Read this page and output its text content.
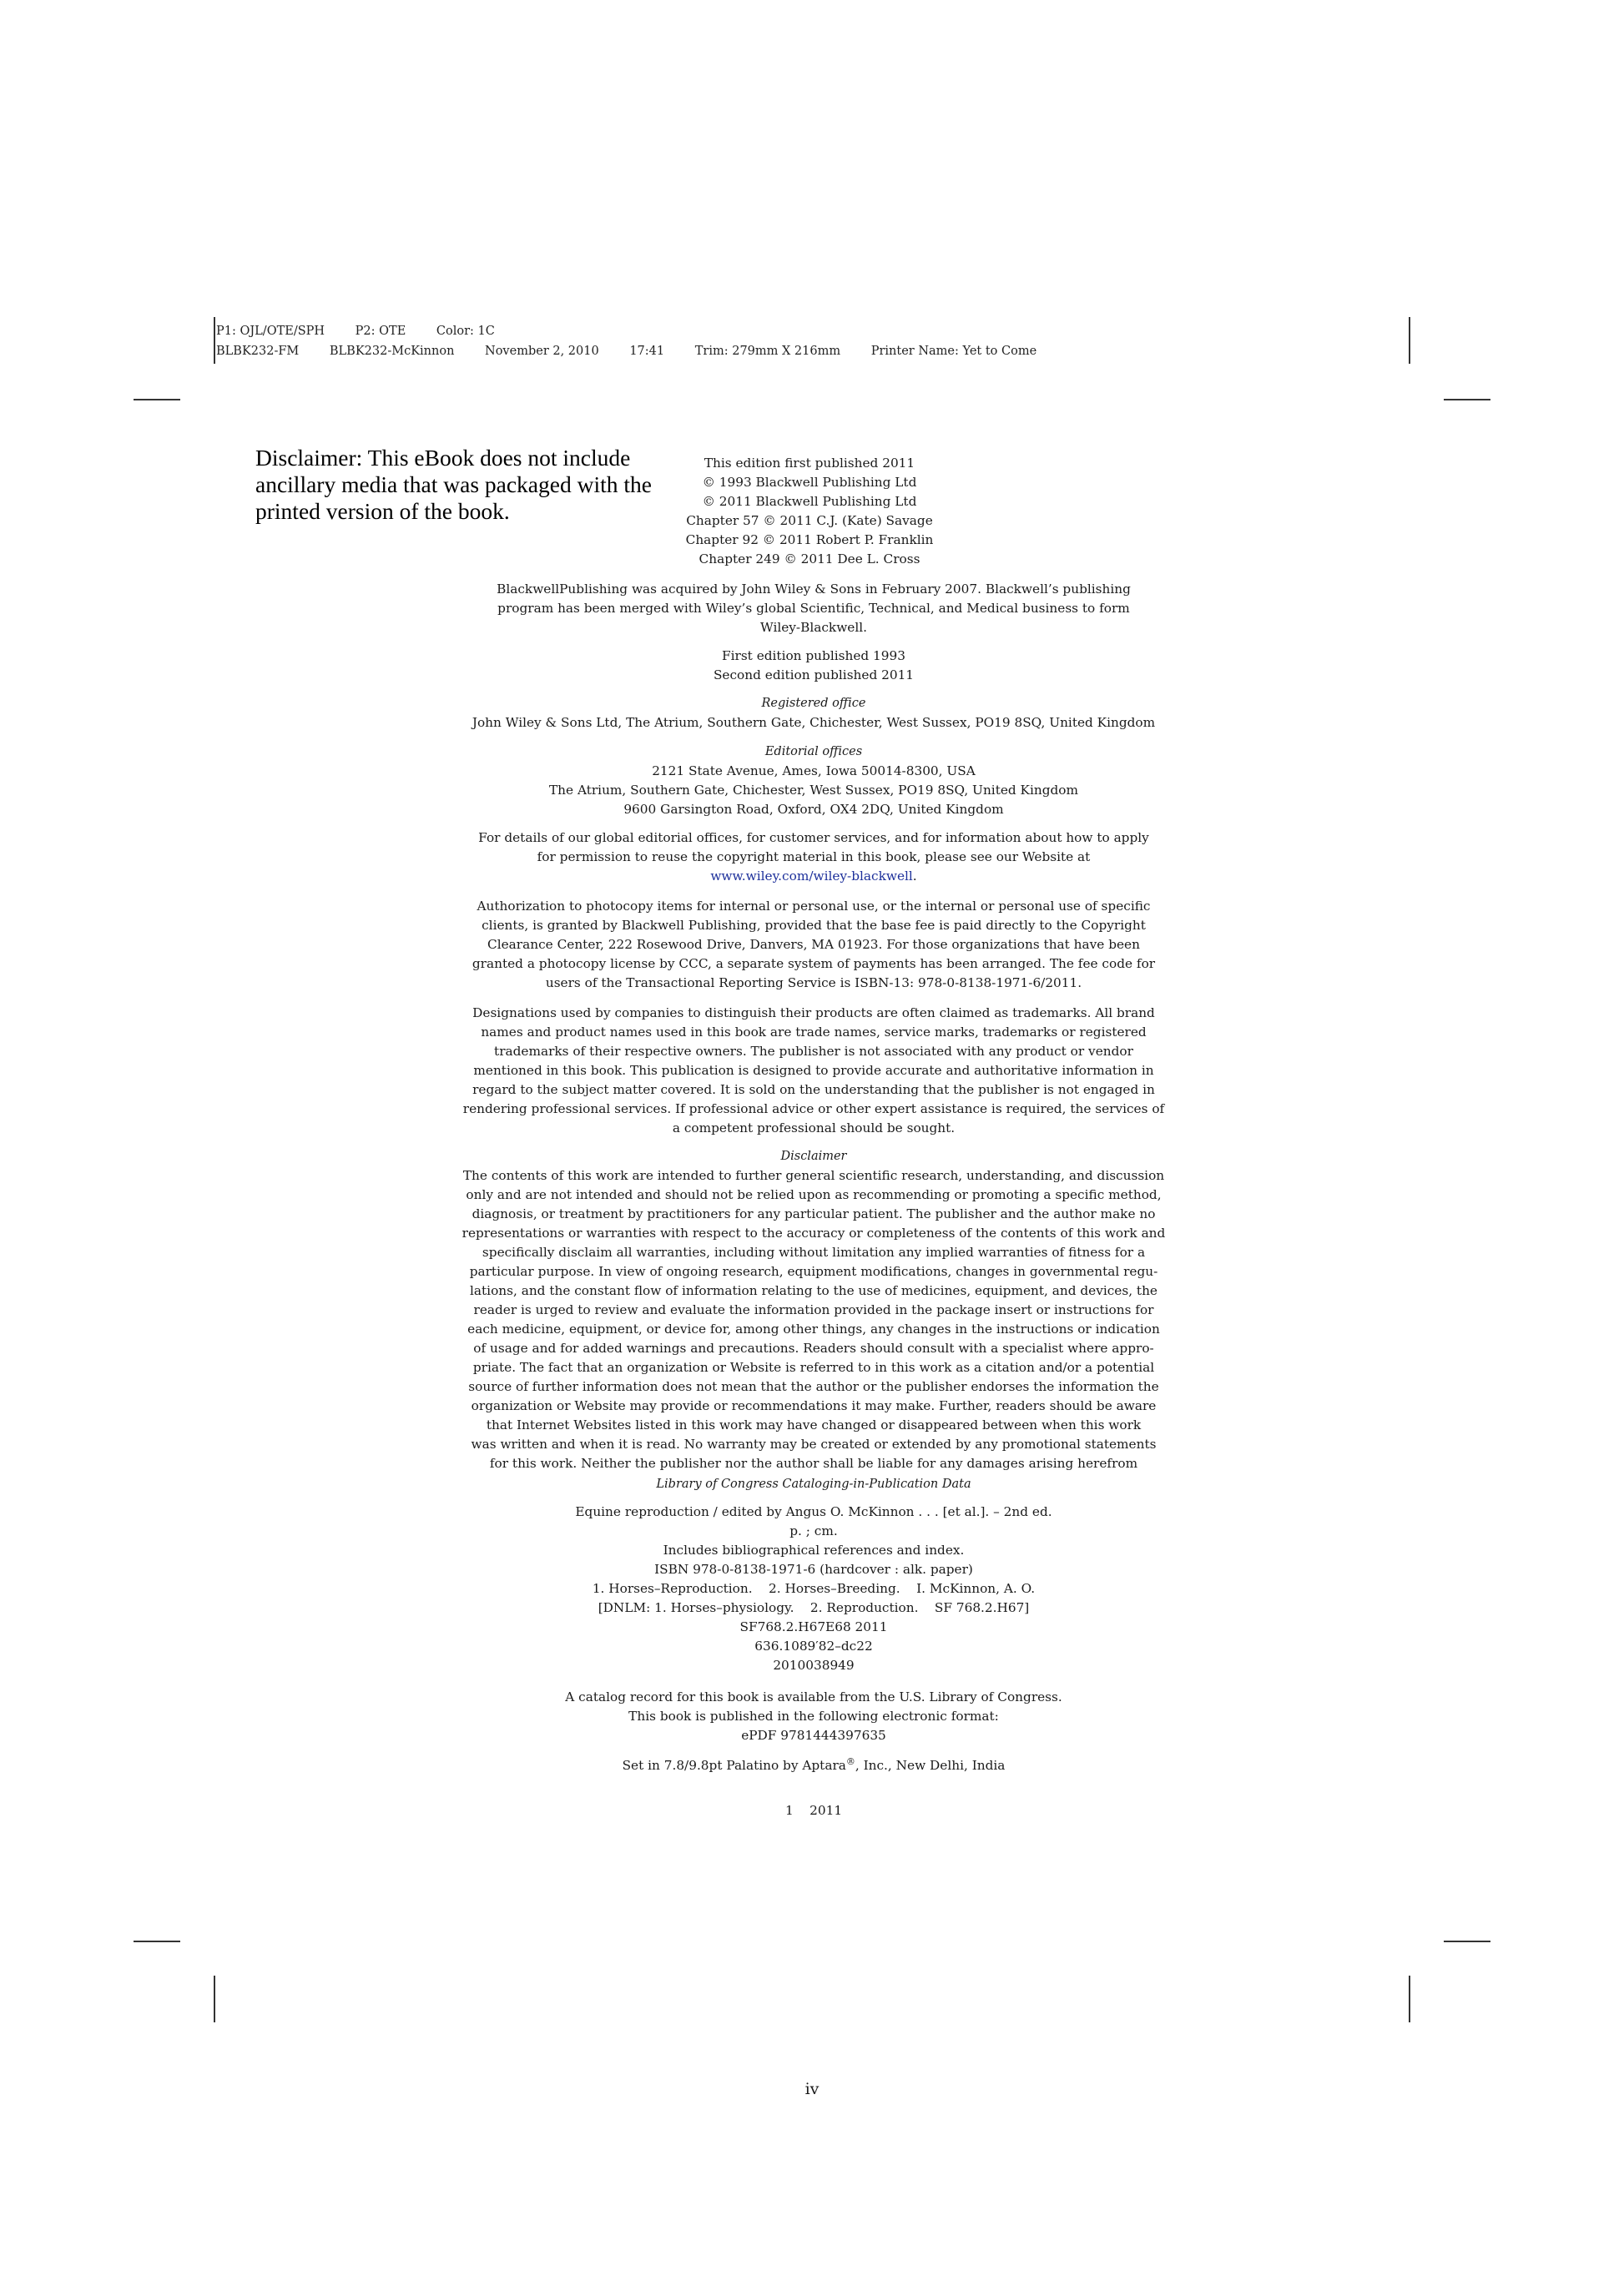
P1: OJL/OTE/SPH	P2: OTE	Color: 1C
BLBK232-FM	BLBK232-McKinnon	November 2, 2010	17:41	Trim: 279mm X 216mm	Printer Name: Yet to Come
Disclaimer: This eBook does not include ancillary media that was packaged with the printed version of the book.

This edition first published 2011

© 1993 Blackwell Publishing Ltd

© 2011 Blackwell Publishing Ltd

Chapter 57 © 2011 C.J. (Kate) Savage

Chapter 92 © 2011 Robert P. Franklin

Chapter 249 © 2011 Dee L. Cross

BlackwellPublishing was acquired by John Wiley & Sons in February 2007. Blackwell’s publishing

program has been merged with Wiley’s global Scientific, Technical, and Medical business to form

Wiley-Blackwell.

First edition published 1993

Second edition published 2011

Registered office

John Wiley & Sons Ltd, The Atrium, Southern Gate, Chichester, West Sussex, PO19 8SQ, United Kingdom

Editorial offices

2121 State Avenue, Ames, Iowa 50014-8300, USA

The Atrium, Southern Gate, Chichester, West Sussex, PO19 8SQ, United Kingdom

9600 Garsington Road, Oxford, OX4 2DQ, United Kingdom

For details of our global editorial offices, for customer services, and for information about how to apply

for permission to reuse the copyright material in this book, please see our Website at

www.wiley.com/wiley-blackwell.

Authorization to photocopy items for internal or personal use, or the internal or personal use of specific

clients, is granted by Blackwell Publishing, provided that the base fee is paid directly to the Copyright

Clearance Center, 222 Rosewood Drive, Danvers, MA 01923. For those organizations that have been

granted a photocopy license by CCC, a separate system of payments has been arranged. The fee code for

users of the Transactional Reporting Service is ISBN-13: 978-0-8138-1971-6/2011.

Designations used by companies to distinguish their products are often claimed as trademarks. All brand

names and product names used in this book are trade names, service marks, trademarks or registered

trademarks of their respective owners. The publisher is not associated with any product or vendor

mentioned in this book. This publication is designed to provide accurate and authoritative information in

regard to the subject matter covered. It is sold on the understanding that the publisher is not engaged in

rendering professional services. If professional advice or other expert assistance is required, the services of

a competent professional should be sought.

Disclaimer

The contents of this work are intended to further general scientific research, understanding, and discussion

only and are not intended and should not be relied upon as recommending or promoting a specific method,

diagnosis, or treatment by practitioners for any particular patient. The publisher and the author make no

representations or warranties with respect to the accuracy or completeness of the contents of this work and

specifically disclaim all warranties, including without limitation any implied warranties of fitness for a

particular purpose. In view of ongoing research, equipment modifications, changes in governmental regu-

lations, and the constant flow of information relating to the use of medicines, equipment, and devices, the

reader is urged to review and evaluate the information provided in the package insert or instructions for

each medicine, equipment, or device for, among other things, any changes in the instructions or indication

of usage and for added warnings and precautions. Readers should consult with a specialist where appro-

priate. The fact that an organization or Website is referred to in this work as a citation and/or a potential

source of further information does not mean that the author or the publisher endorses the information the

organization or Website may provide or recommendations it may make. Further, readers should be aware

that Internet Websites listed in this work may have changed or disappeared between when this work

was written and when it is read. No warranty may be created or extended by any promotional statements

for this work. Neither the publisher nor the author shall be liable for any damages arising herefrom

Library of Congress Cataloging-in-Publication Data

Equine reproduction / edited by Angus O. McKinnon . . . [et al.]. – 2nd ed.

p. ; cm.

Includes bibliographical references and index.

ISBN 978-0-8138-1971-6 (hardcover : alk. paper)

1. Horses–Reproduction.    2. Horses–Breeding.    I. McKinnon, A. O.

[DNLM: 1. Horses–physiology.    2. Reproduction.    SF 768.2.H67]

SF768.2.H67E68 2011

636.1089′82–dc22

2010038949

A catalog record for this book is available from the U.S. Library of Congress.

This book is published in the following electronic format:

ePDF 9781444397635

Set in 7.8/9.8pt Palatino by Aptara ® , Inc., New Delhi, India

1    2011

iv
